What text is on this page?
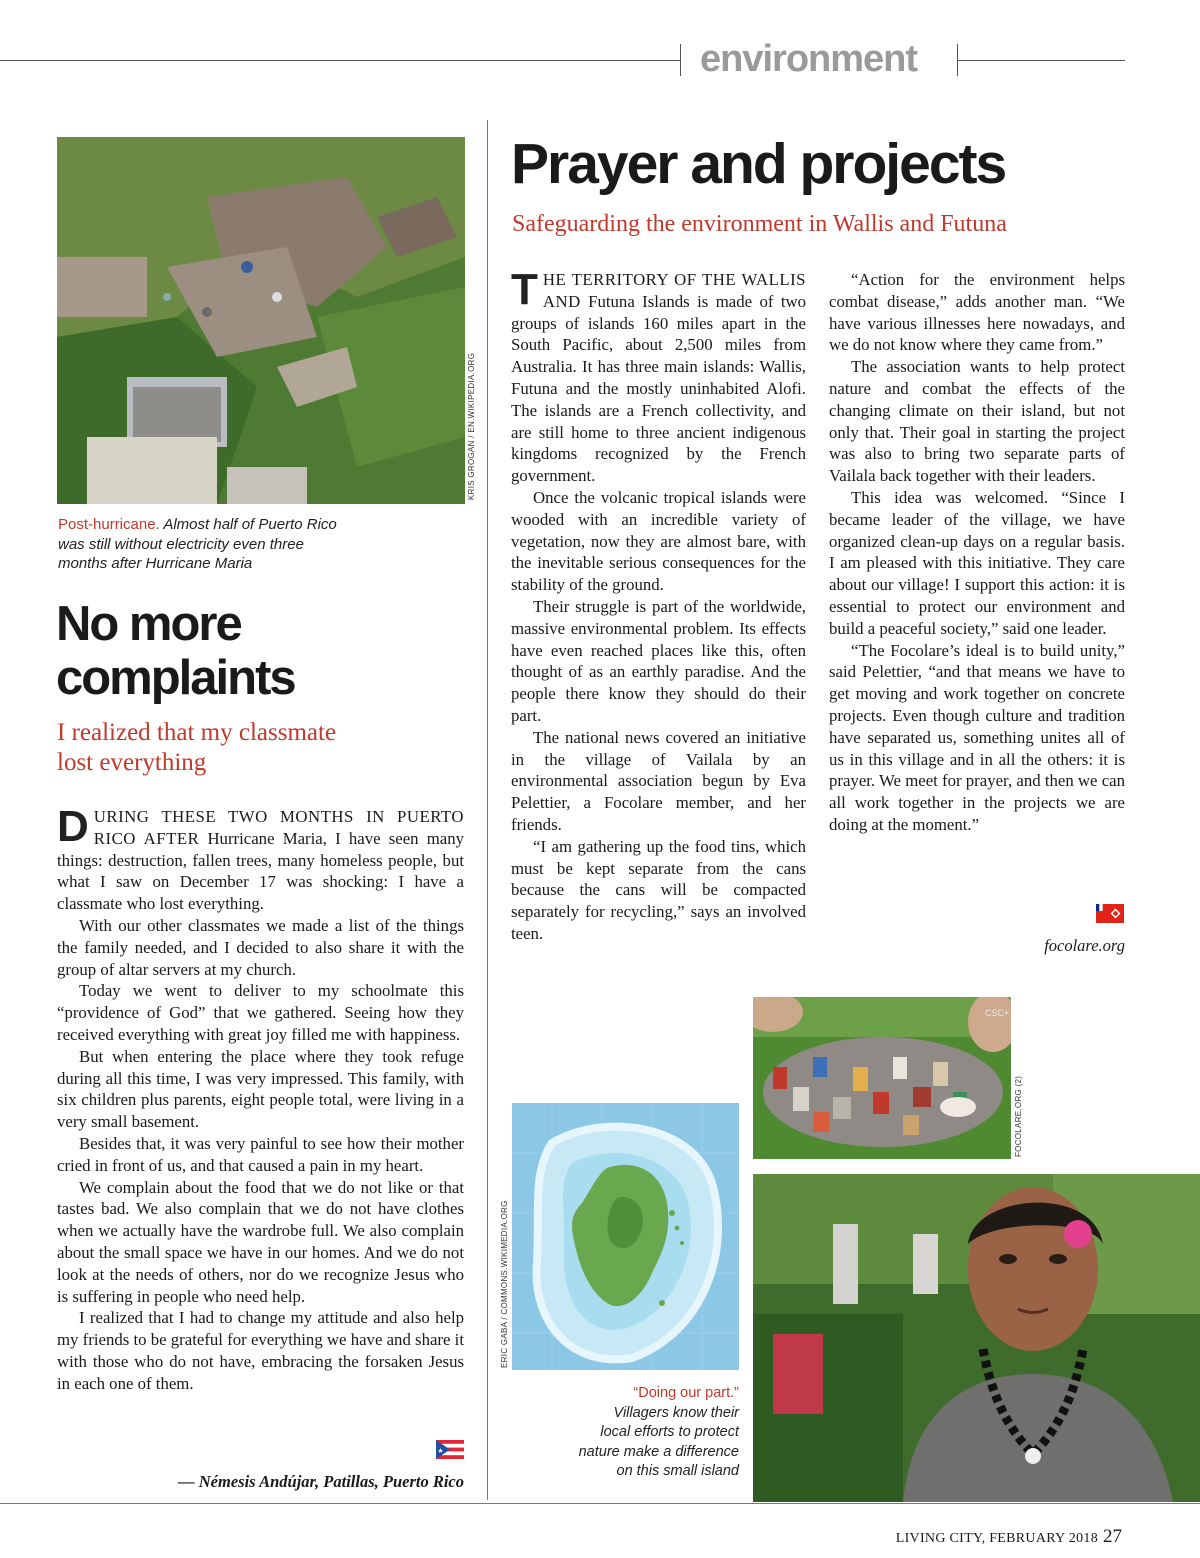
environment
KRIS GROGAN / EN.WIKIPEDIA.ORG
Post-hurricane. Almost half of Puerto Rico was still without electricity even three months after Hurricane Maria
No more
complaints
I realized that my classmate
lost everything

DURING THESE TWO MONTHS IN PUERTO RICO AFTER Hurricane Maria, I have seen many things: destruction, fallen trees, many homeless people, but what I saw on December 17 was shocking: I have a classmate who lost everything.

With our other classmates we made a list of the things the family needed, and I decided to also share it with the group of altar servers at my church.

Today we went to deliver to my schoolmate this “providence of God” that we gathered. Seeing how they received everything with great joy filled me with happiness.

But when entering the place where they took refuge during all this time, I was very impressed. This family, with six children plus parents, eight people total, were living in a very small basement.

Besides that, it was very painful to see how their mother cried in front of us, and that caused a pain in my heart.

We complain about the food that we do not like or that tastes bad. We also complain that we do not have clothes when we actually have the wardrobe full. We also complain about the small space we have in our homes. And we do not look at the needs of others, nor do we recognize Jesus who is suffering in people who need help.

I realized that I had to change my attitude and also help my friends to be grateful for everything we have and share it with those who do not have, embracing the forsaken Jesus in each one of them.

— Némesis Andújar, Patillas, Puerto Rico
Prayer and projects
Safeguarding the environment in Wallis and Futuna

THE TERRITORY OF THE WALLIS AND Futuna Islands is made of two groups of islands 160 miles apart in the South Pacific, about 2,500 miles from Australia. It has three main islands: Wallis, Futuna and the mostly uninhabited Alofi. The islands are a French collectivity, and are still home to three ancient indigenous kingdoms recognized by the French government.

Once the volcanic tropical islands were wooded with an incredible variety of vegetation, now they are almost bare, with the inevitable serious consequences for the stability of the ground.

Their struggle is part of the worldwide, massive environmental problem. Its effects have even reached places like this, often thought of as an earthly paradise. And the people there know they should do their part.

The national news covered an initiative in the village of Vailala by an environmental association begun by Eva Pelettier, a Focolare member, and her friends.

“I am gathering up the food tins, which must be kept separate from the cans because the cans will be compacted separately for recycling,” says an involved teen.

“Action for the environment helps combat disease,” adds another man. “We have various illnesses here nowadays, and we do not know where they came from.”

The association wants to help protect nature and combat the effects of the changing climate on their island, but not only that. Their goal in starting the project was also to bring two separate parts of Vailala back together with their leaders.

This idea was welcomed. “Since I became leader of the village, we have organized clean-up days on a regular basis. I am pleased with this initiative. They care about our village! I support this action: it is essential to protect our environment and build a peaceful society,” said one leader.

“The Focolare’s ideal is to build unity,” said Pelettier, “and that means we have to get moving and work together on concrete projects. Even though culture and tradition have separated us, something unites all of us in this village and in all the others: it is prayer. We meet for prayer, and then we can all work together in the projects we are doing at the moment.”

focolare.org
ERIC GABA / COMMONS.WIKIMEDIA.ORG
CSC+
FOCOLARE.ORG (2)
“Doing our part.”
Villagers know their
local efforts to protect
nature make a difference
on this small island
LIVING CITY, FEBRUARY 2018 27
